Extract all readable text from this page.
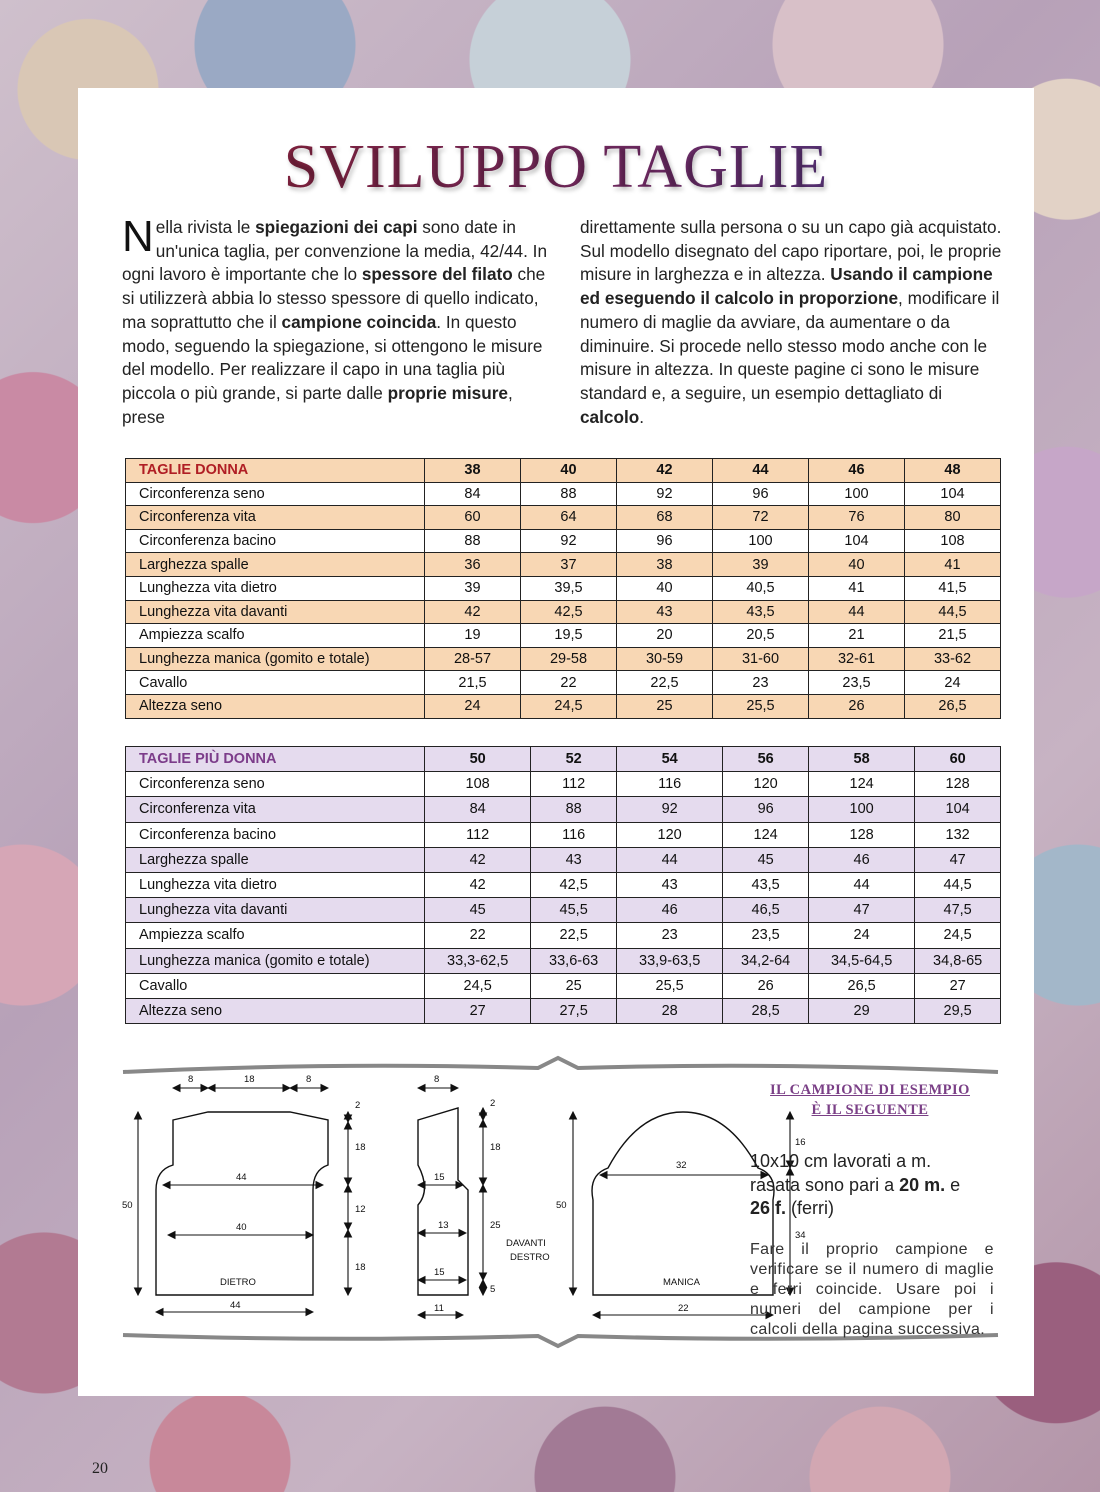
SVILUPPO TAGLIE
Nella rivista le spiegazioni dei capi sono date in un'unica taglia, per convenzione la media, 42/44. In ogni lavoro è importante che lo spessore del filato che si utilizzerà abbia lo stesso spessore di quello indicato, ma soprattutto che il campione coincida. In questo modo, seguendo la spiegazione, si ottengono le misure del modello. Per realizzare il capo in una taglia più piccola o più grande, si parte dalle proprie misure, prese
direttamente sulla persona o su un capo già acquistato. Sul modello disegnato del capo riportare, poi, le proprie misure in larghezza e in altezza. Usando il campione ed eseguendo il calcolo in proporzione, modificare il numero di maglie da avviare, da aumentare o da diminuire. Si procede nello stesso modo anche con le misure in altezza. In queste pagine ci sono le misure standard e, a seguire, un esempio dettagliato di calcolo.
TAGLIE DONNA	38	40	42	44	46	48
Circonferenza seno	84	88	92	96	100	104
Circonferenza vita	60	64	68	72	76	80
Circonferenza bacino	88	92	96	100	104	108
Larghezza spalle	36	37	38	39	40	41
Lunghezza vita dietro	39	39,5	40	40,5	41	41,5
Lunghezza vita davanti	42	42,5	43	43,5	44	44,5
Ampiezza scalfo	19	19,5	20	20,5	21	21,5
Lunghezza manica (gomito e totale)	28-57	29-58	30-59	31-60	32-61	33-62
Cavallo	21,5	22	22,5	23	23,5	24
Altezza seno	24	24,5	25	25,5	26	26,5
TAGLIE PIÙ DONNA	50	52	54	56	58	60
Circonferenza seno	108	112	116	120	124	128
Circonferenza vita	84	88	92	96	100	104
Circonferenza bacino	112	116	120	124	128	132
Larghezza spalle	42	43	44	45	46	47
Lunghezza vita dietro	42	42,5	43	43,5	44	44,5
Lunghezza vita davanti	45	45,5	46	46,5	47	47,5
Ampiezza scalfo	22	22,5	23	23,5	24	24,5
Lunghezza manica (gomito e totale)	33,3-62,5	33,6-63	33,9-63,5	34,2-64	34,5-64,5	34,8-65
Cavallo	24,5	25	25,5	26	26,5	27
Altezza seno	27	27,5	28	28,5	29	29,5
8	18	8
44
40
DIETRO
44
50
2
18
12
18
8
15
13
15
11
2
18
25
5
DAVANTI
DESTRO
32
MANICA
22
50
16
34
IL CAMPIONE DI ESEMPIO
È IL SEGUENTE
10x10 cm lavorati a m. rasata sono pari a 20 m. e 26 f. (ferri)
Fare il proprio campione e verificare se il numero di maglie e ferri coincide. Usare poi i numeri del campione per i calcoli della pagina successiva.
20
